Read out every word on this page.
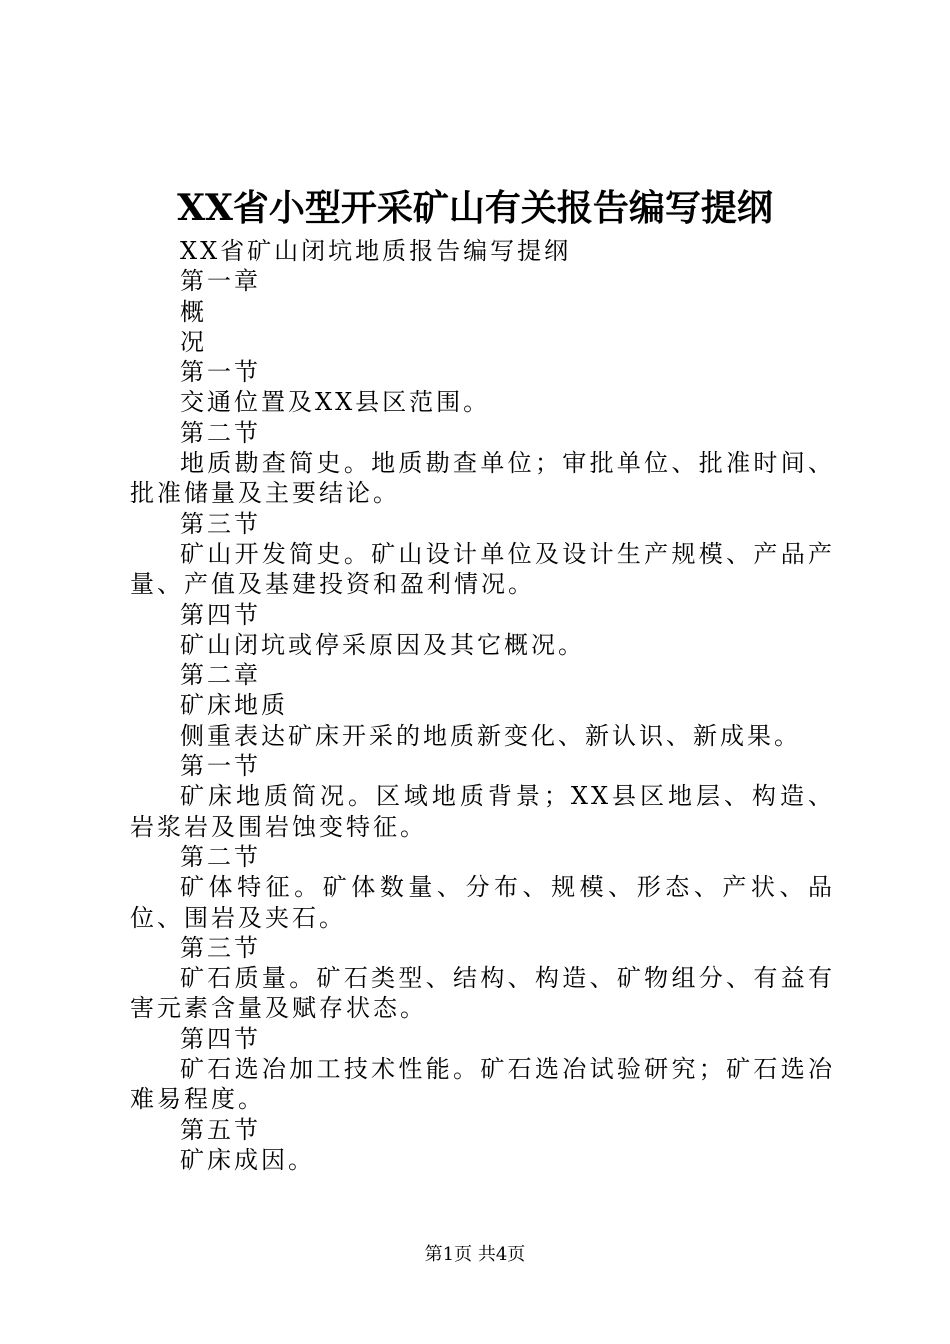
XX省小型开采矿山有关报告编写提纲

XX省矿山闭坑地质报告编写提纲

第一章

概

况

第一节

交通位置及XX县区范围。

第二节

地质勘查简史。地质勘查单位；审批单位、批准时间、批准储量及主要结论。

第三节

矿山开发简史。矿山设计单位及设计生产规模、产品产量、产值及基建投资和盈利情况。

第四节

矿山闭坑或停采原因及其它概况。

第二章

矿床地质

侧重表达矿床开采的地质新变化、新认识、新成果。

第一节

矿床地质简况。区域地质背景；XX县区地层、构造、岩浆岩及围岩蚀变特征。

第二节

矿体特征。矿体数量、分布、规模、形态、产状、品位、围岩及夹石。

第三节

矿石质量。矿石类型、结构、构造、矿物组分、有益有害元素含量及赋存状态。

第四节

矿石选冶加工技术性能。矿石选冶试验研究；矿石选冶难易程度。

第五节

矿床成因。

第1页 共4页
